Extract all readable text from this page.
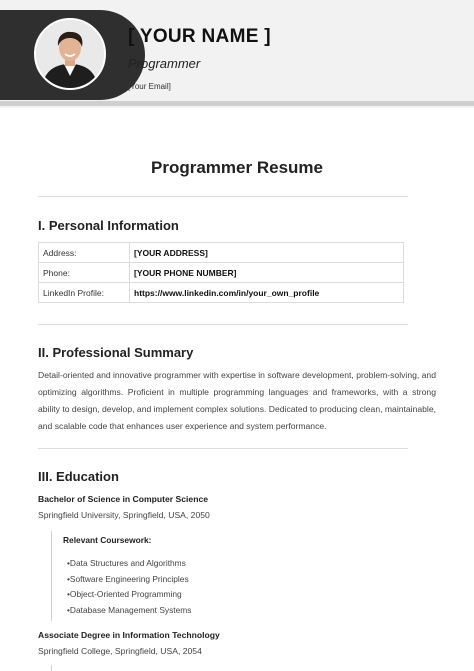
[ YOUR NAME ]
Programmer
[Your Email]
Programmer Resume
I. Personal Information
Address:	[YOUR ADDRESS]
Phone:	[YOUR PHONE NUMBER]
LinkedIn Profile:	https://www.linkedin.com/in/your_own_profile
II. Professional Summary
Detail-oriented and innovative programmer with expertise in software development, problem-solving, and optimizing algorithms. Proficient in multiple programming languages and frameworks, with a strong ability to design, develop, and implement complex solutions. Dedicated to producing clean, maintainable, and scalable code that enhances user experience and system performance.
III. Education
Bachelor of Science in Computer Science
Springfield University, Springfield, USA, 2050
Relevant Coursework:
•Data Structures and Algorithms
•Software Engineering Principles
•Object-Oriented Programming
•Database Management Systems
Associate Degree in Information Technology
Springfield College, Springfield, USA, 2054
